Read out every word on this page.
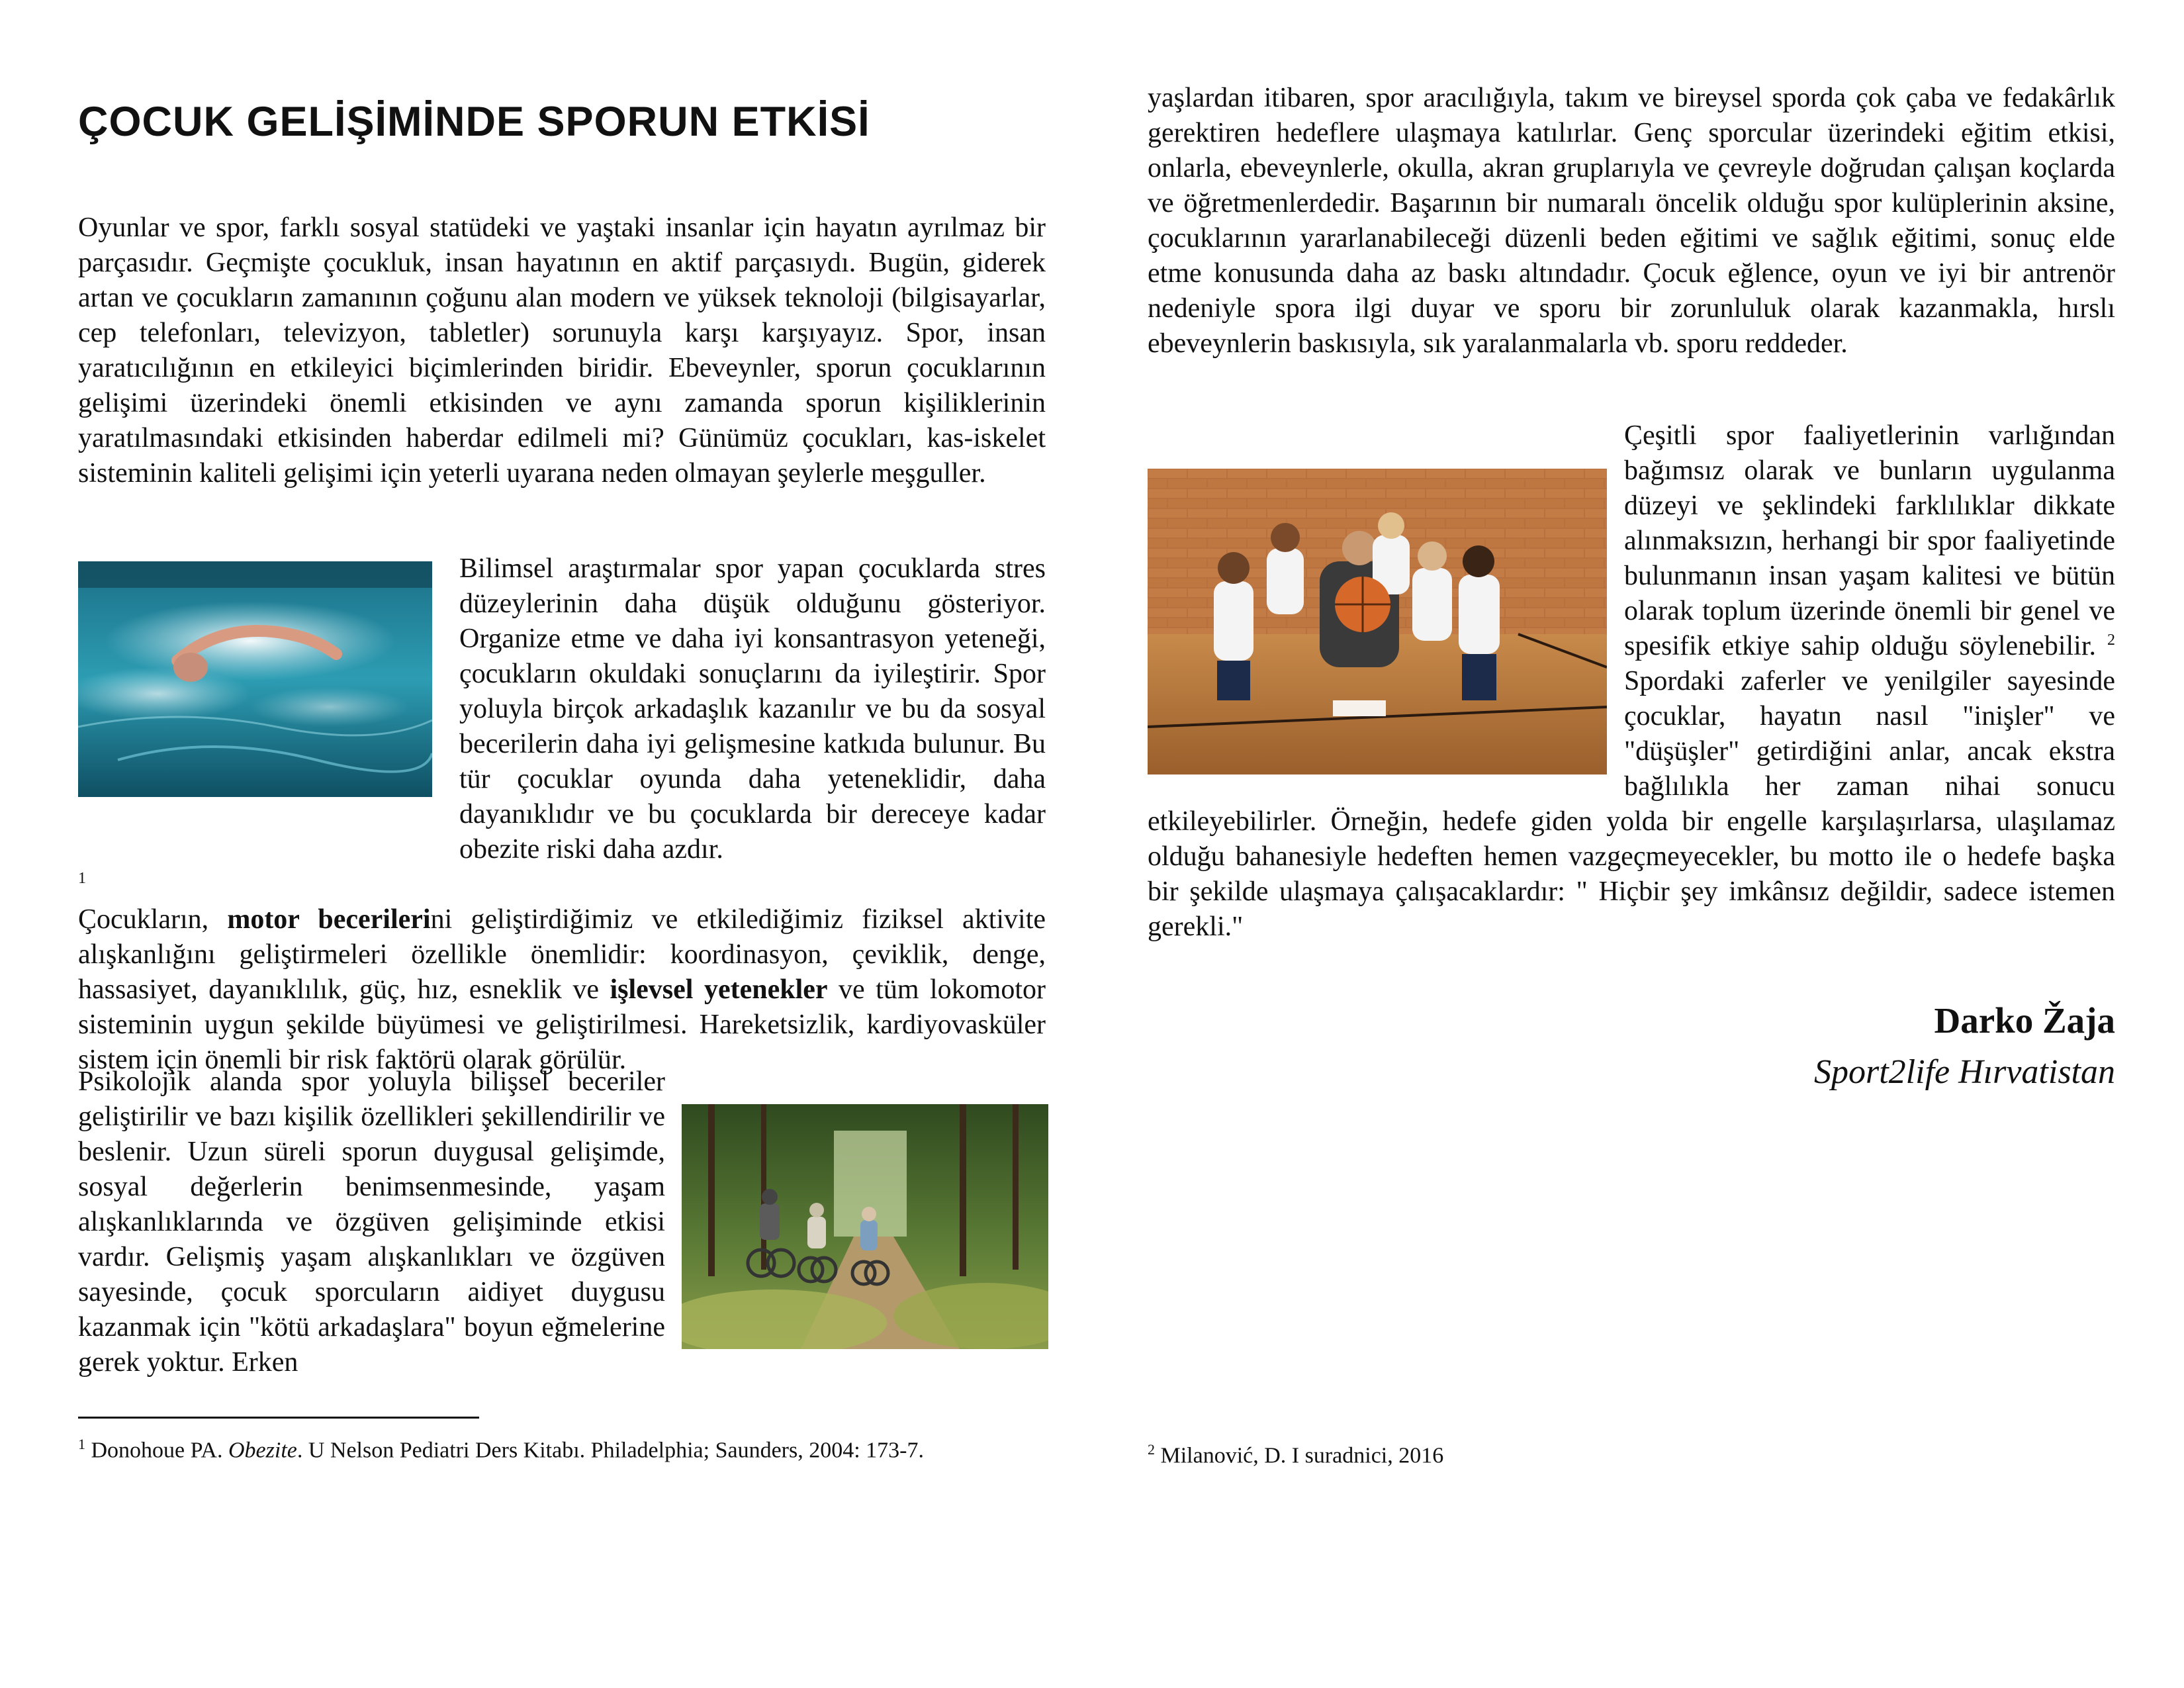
ÇOCUK GELİŞİMİNDE SPORUN ETKİSİ

Oyunlar ve spor, farklı sosyal statüdeki ve yaştaki insanlar için hayatın ayrılmaz bir parçasıdır. Geçmişte çocukluk, insan hayatının en aktif parçasıydı. Bugün, giderek artan ve çocukların zamanının çoğunu alan modern ve yüksek teknoloji (bilgisayarlar, cep telefonları, televizyon, tabletler) sorunuyla karşı karşıyayız. Spor, insan yaratıcılığının en etkileyici biçimlerinden biridir. Ebeveynler, sporun çocuklarının gelişimi üzerindeki önemli etkisinden ve aynı zamanda sporun kişiliklerinin yaratılmasındaki etkisinden haberdar edilmeli mi? Günümüz çocukları, kas-iskelet sisteminin kaliteli gelişimi için yeterli uyarana neden olmayan şeylerle meşguller.

Bilimsel araştırmalar spor yapan çocuklarda stres düzeylerinin daha düşük olduğunu gösteriyor. Organize etme ve daha iyi konsantrasyon yeteneği, çocukların okuldaki sonuçlarını da iyileştirir. Spor yoluyla birçok arkadaşlık kazanılır ve bu da sosyal becerilerin daha iyi gelişmesine katkıda bulunur. Bu tür çocuklar oyunda daha yeteneklidir, daha dayanıklıdır ve bu çocuklarda bir dereceye kadar obezite riski daha azdır.

$^1$
Çocukların, motor becerilerini geliştirdiğimiz ve etkilediğimiz fiziksel aktivite alışkanlığını geliştirmeleri özellikle önemlidir: koordinasyon, çeviklik, denge, hassasiyet, dayanıklılık, güç, hız, esneklik ve işlevsel yetenekler ve tüm lokomotor sisteminin uygun şekilde büyümesi ve geliştirilmesi. Hareketsizlik, kardiyovasküler sistem için önemli bir risk faktörü olarak görülür.

Psikolojik alanda spor yoluyla bilişsel beceriler geliştirilir ve bazı kişilik özellikleri şekillendirilir ve beslenir. Uzun süreli sporun duygusal gelişimde, sosyal değerlerin benimsenmesinde, yaşam alışkanlıklarında ve özgüven gelişiminde etkisi vardır. Gelişmiş yaşam alışkanlıkları ve özgüven sayesinde, çocuk sporcuların aidiyet duygusu kazanmak için "kötü arkadaşlara" boyun eğmelerine gerek yoktur. Erken

$^1$ Donohoue PA. Obezite. U Nelson Pediatri Ders Kitabı. Philadelphia; Saunders, 2004: 173-7.

yaşlardan itibaren, spor aracılığıyla, takım ve bireysel sporda çok çaba ve fedakârlık gerektiren hedeflere ulaşmaya katılırlar. Genç sporcular üzerindeki eğitim etkisi, onlarla, ebeveynlerle, okulla, akran gruplarıyla ve çevreyle doğrudan çalışan koçlarda ve öğretmenlerdedir. Başarının bir numaralı öncelik olduğu spor kulüplerinin aksine, çocuklarının yararlanabileceği düzenli beden eğitimi ve sağlık eğitimi, sonuç elde etme konusunda daha az baskı altındadır. Çocuk eğlence, oyun ve iyi bir antrenör nedeniyle spora ilgi duyar ve sporu bir zorunluluk olarak kazanmakla, hırslı ebeveynlerin baskısıyla, sık yaralanmalarla vb. sporu reddeder.

Çeşitli spor faaliyetlerinin varlığından bağımsız olarak ve bunların uygulanma düzeyi ve şeklindeki farklılıklar dikkate alınmaksızın, herhangi bir spor faaliyetinde bulunmanın insan yaşam kalitesi ve bütün olarak toplum üzerinde önemli bir genel ve spesifik etkiye sahip olduğu söylenebilir. $^2$ Spordaki zaferler ve yenilgiler sayesinde çocuklar, hayatın nasıl "inişler" ve "düşüşler" getirdiğini anlar, ancak ekstra bağlılıkla her zaman nihai sonucu etkileyebilirler. Örneğin, hedefe giden yolda bir engelle karşılaşırlarsa, ulaşılamaz olduğu bahanesiyle hedeften hemen vazgeçmeyecekler, bu motto ile o hedefe başka bir şekilde ulaşmaya çalışacaklardır: " Hiçbir şey imkânsız değildir, sadece istemen gerekli."

Darko Žaja

Sport2life Hırvatistan

$^2$ Milanović, D. I suradnici, 2016
